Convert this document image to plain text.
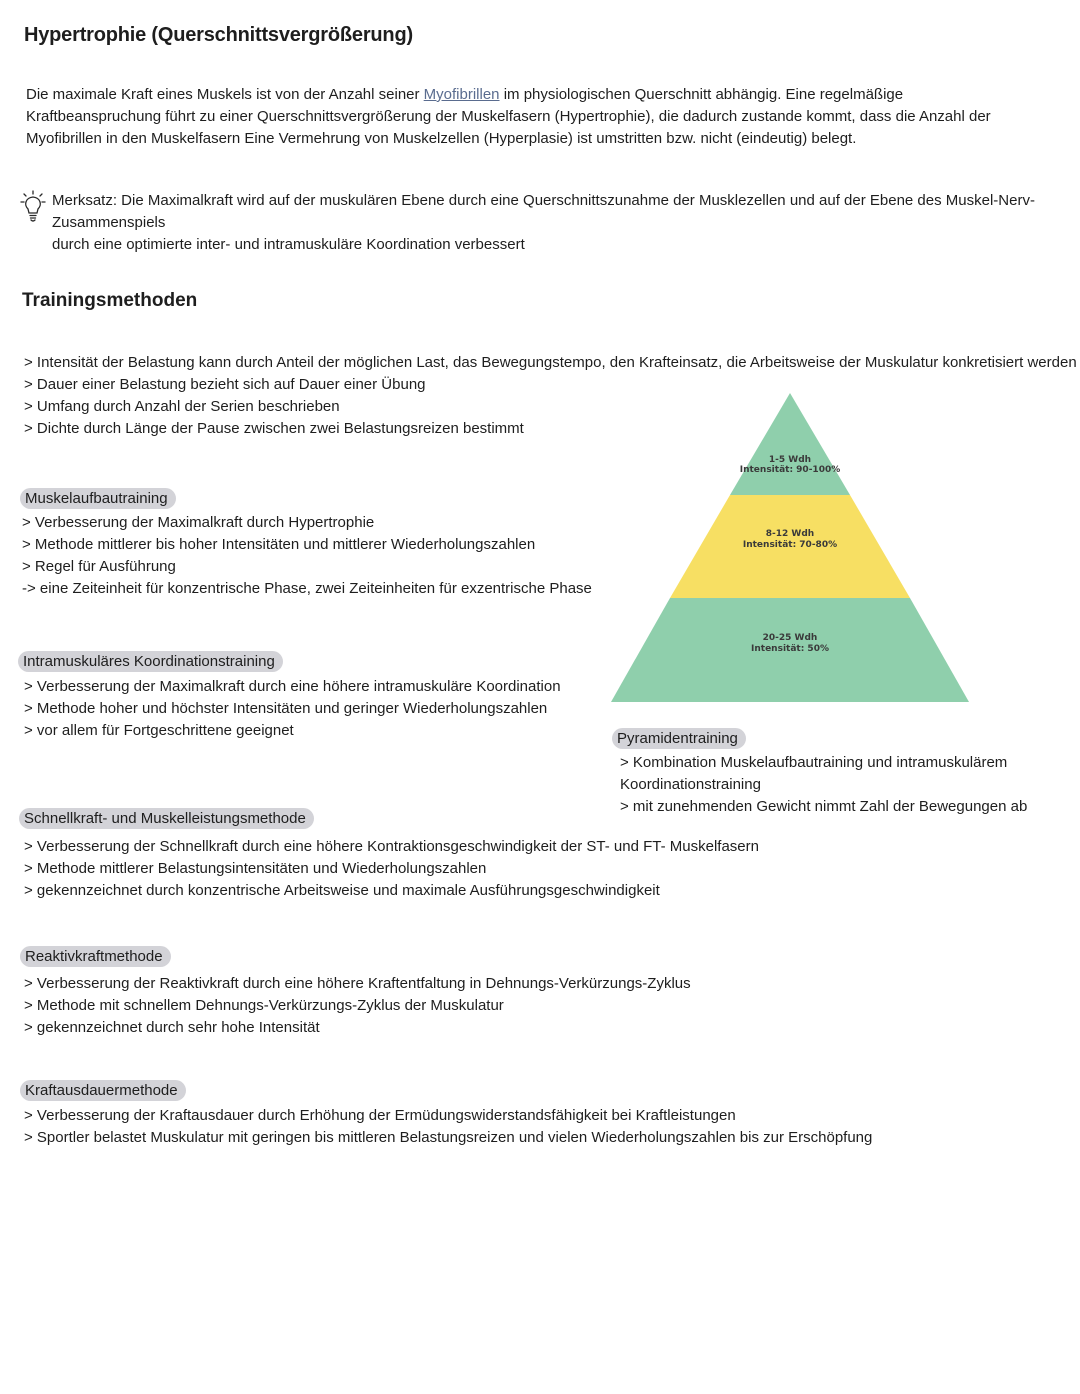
Hypertrophie (Querschnittsvergrößerung)

Die maximale Kraft eines Muskels ist von der Anzahl seiner Myofibrillen im physiologischen Querschnitt abhängig. Eine regelmäßige Kraftbeanspruchung führt zu einer Querschnittsvergrößerung der Muskelfasern (Hypertrophie), die dadurch zustande kommt, dass die Anzahl der Myofibrillen in den Muskelfasern Eine Vermehrung von Muskelzellen (Hyperplasie) ist umstritten bzw. nicht (eindeutig) belegt.

Merksatz: Die Maximalkraft wird auf der muskulären Ebene durch eine Querschnittszunahme der Musklezellen und auf der Ebene des Muskel-Nerv-Zusammenspiels
durch eine optimierte inter- und intramuskuläre Koordination verbessert
Trainingsmethoden
> Intensität der Belastung kann durch Anteil der möglichen Last, das Bewegungstempo, den Krafteinsatz, die Arbeitsweise der Muskulatur konkretisiert werden
> Dauer einer Belastung bezieht sich auf Dauer einer Übung
> Umfang durch Anzahl der Serien beschrieben
> Dichte durch Länge der Pause zwischen zwei Belastungsreizen bestimmt
Muskelaufbautraining
> Verbesserung der Maximalkraft durch Hypertrophie
> Methode mittlerer bis hoher Intensitäten und mittlerer Wiederholungszahlen
> Regel für Ausführung
-> eine Zeiteinheit für konzentrische Phase, zwei Zeiteinheiten für exzentrische Phase
Intramuskuläres Koordinationstraining
> Verbesserung der Maximalkraft durch eine höhere intramuskuläre Koordination
> Methode hoher und höchster Intensitäten und geringer Wiederholungszahlen
> vor allem für Fortgeschrittene geeignet
1-5 Wdh
Intensität: 90-100%
8-12 Wdh
Intensität: 70-80%
20-25 Wdh
Intensität: 50%
Pyramidentraining
> Kombination Muskelaufbautraining und intramuskulärem
Koordinationstraining
> mit zunehmenden Gewicht nimmt Zahl der Bewegungen ab
Schnellkraft- und Muskelleistungsmethode
> Verbesserung der Schnellkraft durch eine höhere Kontraktionsgeschwindigkeit der ST- und FT- Muskelfasern
> Methode mittlerer Belastungsintensitäten und Wiederholungszahlen
> gekennzeichnet durch konzentrische Arbeitsweise und maximale Ausführungsgeschwindigkeit
Reaktivkraftmethode
> Verbesserung der Reaktivkraft durch eine höhere Kraftentfaltung in Dehnungs-Verkürzungs-Zyklus
> Methode mit schnellem Dehnungs-Verkürzungs-Zyklus der Muskulatur
> gekennzeichnet durch sehr hohe Intensität
Kraftausdauermethode
> Verbesserung der Kraftausdauer durch Erhöhung der Ermüdungswiderstandsfähigkeit bei Kraftleistungen
> Sportler belastet Muskulatur mit geringen bis mittleren Belastungsreizen und vielen Wiederholungszahlen bis zur Erschöpfung
